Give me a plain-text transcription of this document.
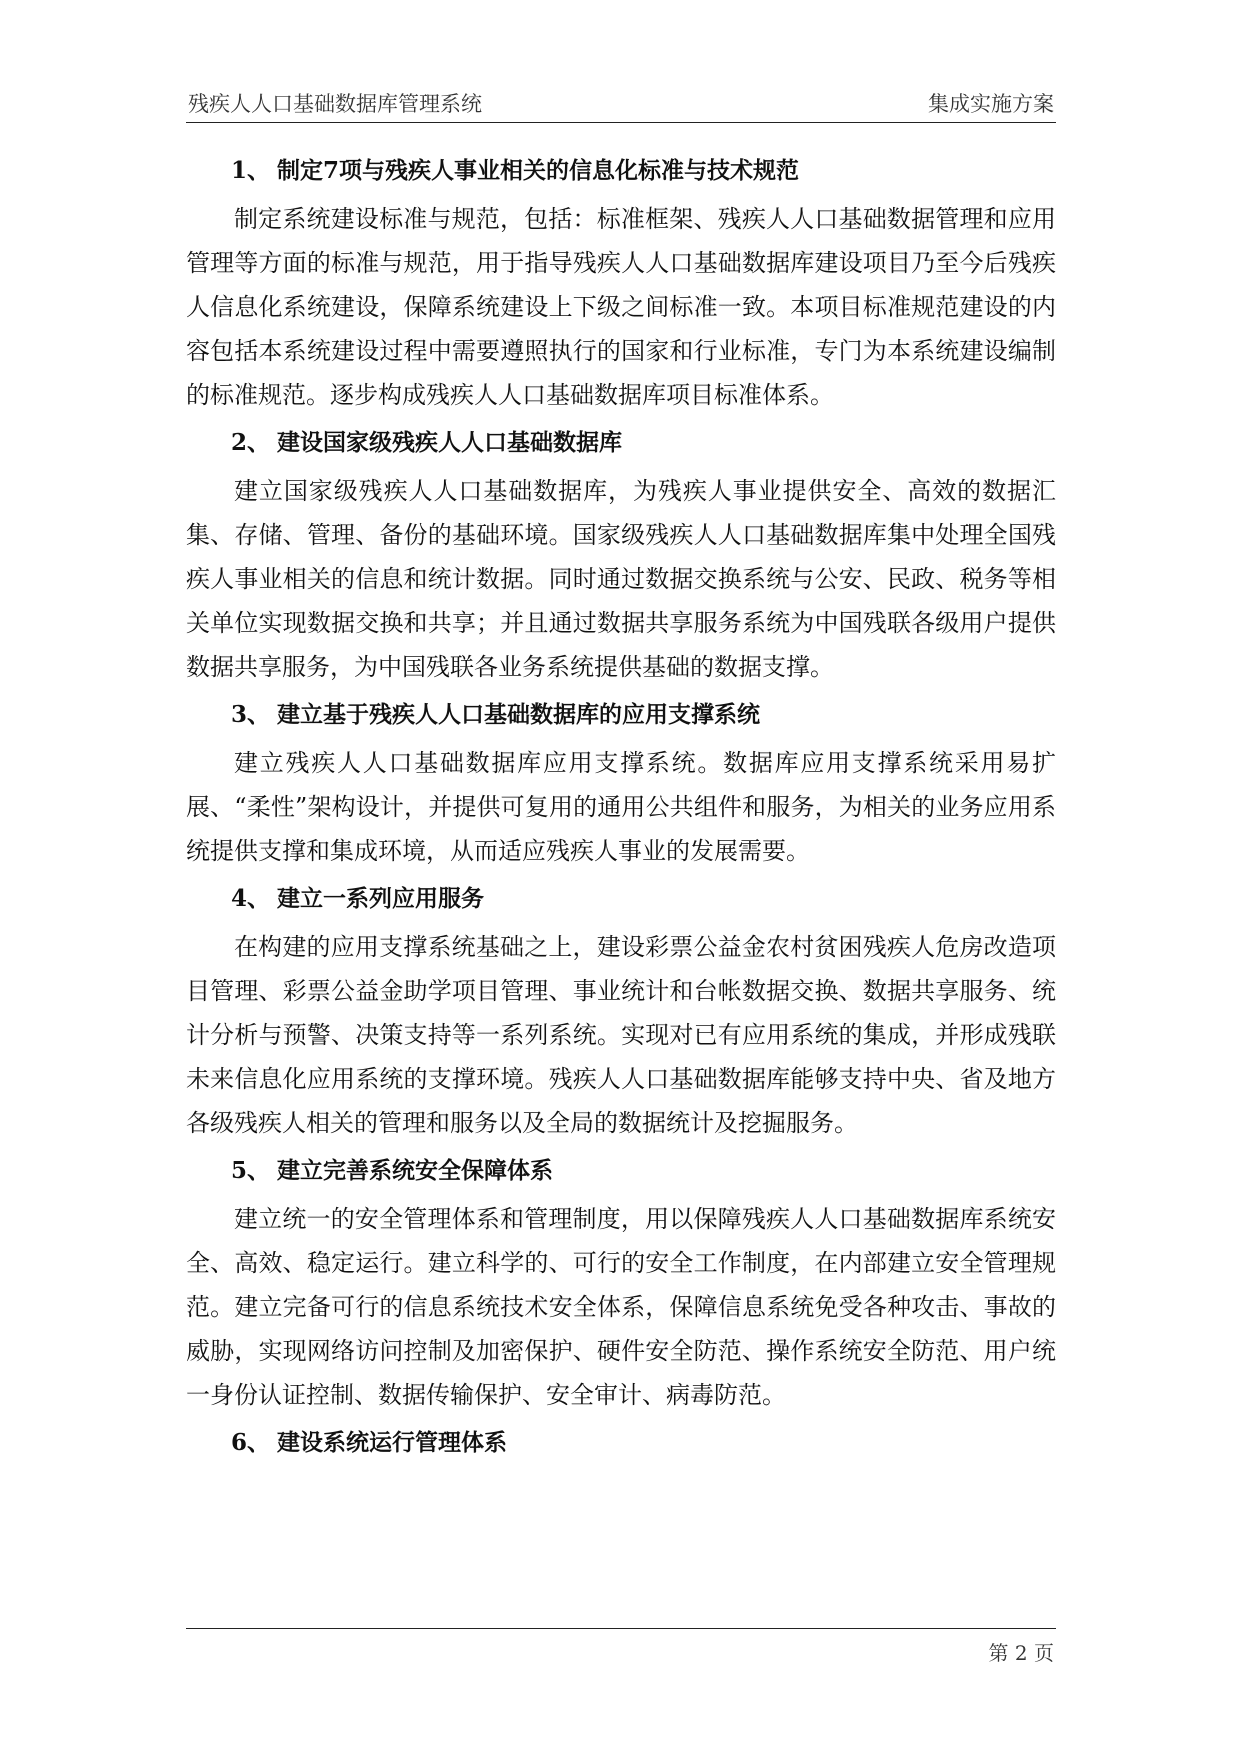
残疾人人口基础数据库管理系统	集成实施方案
1、 制定7项与残疾人事业相关的信息化标准与技术规范

制定系统建设标准与规范，包括：标准框架、残疾人人口基础数据管理和应用管理等方面的标准与规范，用于指导残疾人人口基础数据库建设项目乃至今后残疾人信息化系统建设，保障系统建设上下级之间标准一致。本项目标准规范建设的内容包括本系统建设过程中需要遵照执行的国家和行业标准，专门为本系统建设编制的标准规范。逐步构成残疾人人口基础数据库项目标准体系。

2、 建设国家级残疾人人口基础数据库

建立国家级残疾人人口基础数据库，为残疾人事业提供安全、高效的数据汇集、存储、管理、备份的基础环境。国家级残疾人人口基础数据库集中处理全国残疾人事业相关的信息和统计数据。同时通过数据交换系统与公安、民政、税务等相关单位实现数据交换和共享；并且通过数据共享服务系统为中国残联各级用户提供数据共享服务，为中国残联各业务系统提供基础的数据支撑。

3、 建立基于残疾人人口基础数据库的应用支撑系统

建立残疾人人口基础数据库应用支撑系统。数据库应用支撑系统采用易扩展、“柔性”架构设计，并提供可复用的通用公共组件和服务，为相关的业务应用系统提供支撑和集成环境，从而适应残疾人事业的发展需要。

4、 建立一系列应用服务

在构建的应用支撑系统基础之上，建设彩票公益金农村贫困残疾人危房改造项目管理、彩票公益金助学项目管理、事业统计和台帐数据交换、数据共享服务、统计分析与预警、决策支持等一系列系统。实现对已有应用系统的集成，并形成残联未来信息化应用系统的支撑环境。残疾人人口基础数据库能够支持中央、省及地方各级残疾人相关的管理和服务以及全局的数据统计及挖掘服务。

5、 建立完善系统安全保障体系

建立统一的安全管理体系和管理制度，用以保障残疾人人口基础数据库系统安全、高效、稳定运行。建立科学的、可行的安全工作制度，在内部建立安全管理规范。建立完备可行的信息系统技术安全体系，保障信息系统免受各种攻击、事故的威胁，实现网络访问控制及加密保护、硬件安全防范、操作系统安全防范、用户统一身份认证控制、数据传输保护、安全审计、病毒防范。

6、 建设系统运行管理体系
第 2 页
